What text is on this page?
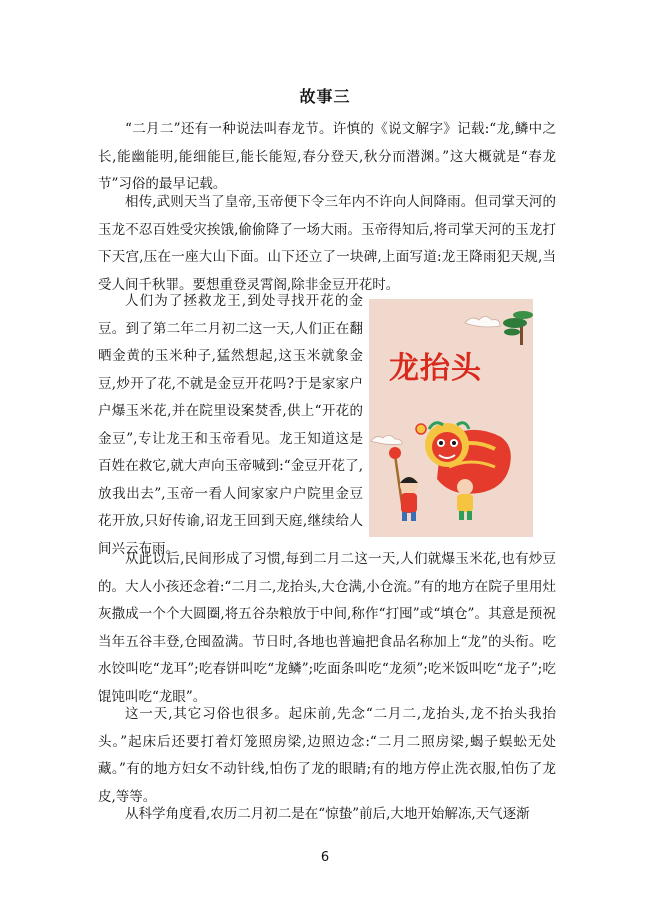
故事三

“二月二”还有一种说法叫春龙节。许慎的《说文解字》记载:“龙,鳞中之长,能幽能明,能细能巨,能长能短,春分登天,秋分而潜渊。”这大概就是“春龙节”习俗的最早记载。

相传,武则天当了皇帝,玉帝便下令三年内不许向人间降雨。但司掌天河的玉龙不忍百姓受灾挨饿,偷偷降了一场大雨。玉帝得知后,将司掌天河的玉龙打下天宫,压在一座大山下面。山下还立了一块碑,上面写道:龙王降雨犯天规,当受人间千秋罪。要想重登灵霄阁,除非金豆开花时。

人们为了拯救龙王,到处寻找开花的金豆。到了第二年二月初二这一天,人们正在翻晒金黄的玉米种子,猛然想起,这玉米就象金豆,炒开了花,不就是金豆开花吗?于是家家户户爆玉米花,并在院里设案焚香,供上“开花的金豆”,专让龙王和玉帝看见。龙王知道这是百姓在救它,就大声向玉帝喊到:“金豆开花了,放我出去”,玉帝一看人间家家户户院里金豆花开放,只好传谕,诏龙王回到天庭,继续给人间兴云布雨。

龙抬头

从此以后,民间形成了习惯,每到二月二这一天,人们就爆玉米花,也有炒豆的。大人小孩还念着:“二月二,龙抬头,大仓满,小仓流。”有的地方在院子里用灶灰撒成一个个大圆圈,将五谷杂粮放于中间,称作“打囤”或“填仓”。其意是预祝当年五谷丰登,仓囤盈满。节日时,各地也普遍把食品名称加上“龙”的头衔。吃水饺叫吃“龙耳”;吃春饼叫吃“龙鳞”;吃面条叫吃“龙须”;吃米饭叫吃“龙子”;吃馄饨叫吃“龙眼”。

这一天,其它习俗也很多。起床前,先念“二月二,龙抬头,龙不抬头我抬头。”起床后还要打着灯笼照房梁,边照边念:“二月二照房梁,蝎子蜈蚣无处藏。”有的地方妇女不动针线,怕伤了龙的眼睛;有的地方停止洗衣服,怕伤了龙皮,等等。

从科学角度看,农历二月初二是在“惊蛰”前后,大地开始解冻,天气逐渐

6
